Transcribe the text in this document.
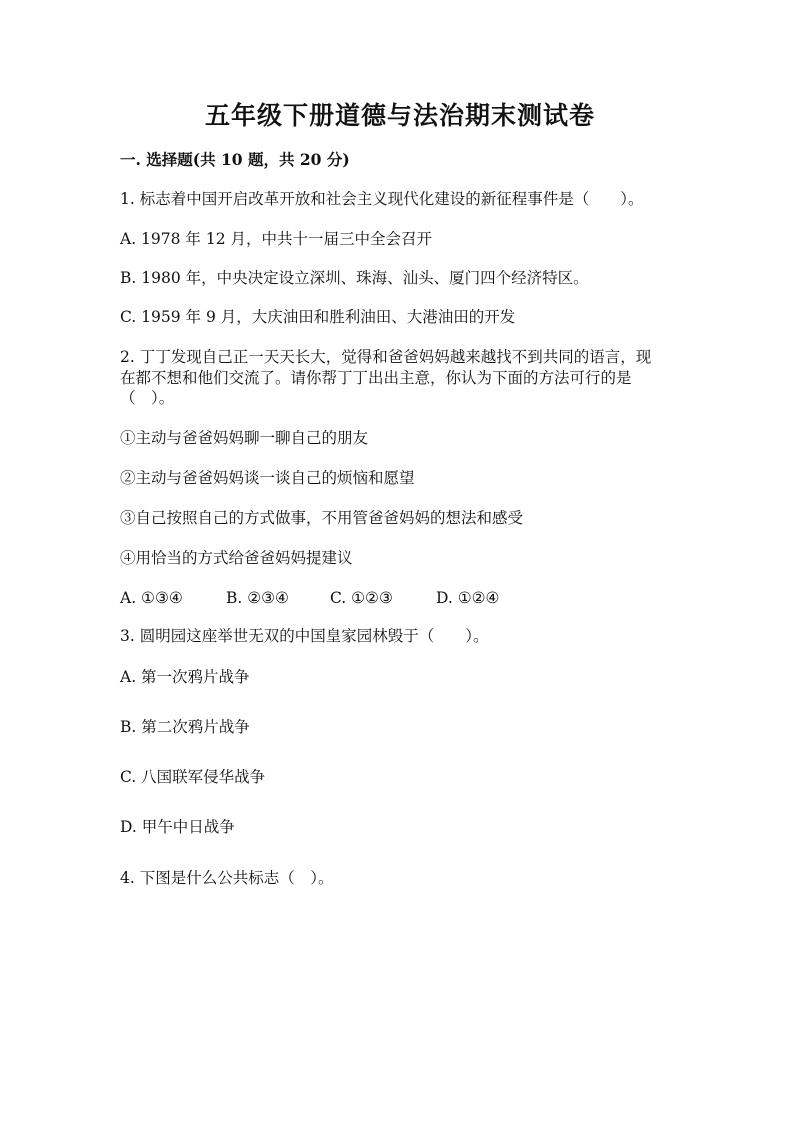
五年级下册道德与法治期末测试卷
一. 选择题(共 10 题，共 20 分)
1. 标志着中国开启改革开放和社会主义现代化建设的新征程事件是（　　）。
A. 1978 年 12 月，中共十一届三中全会召开
B. 1980 年，中央决定设立深圳、珠海、汕头、厦门四个经济特区。
C. 1959 年 9 月，大庆油田和胜利油田、大港油田的开发
2. 丁丁发现自己正一天天长大，觉得和爸爸妈妈越来越找不到共同的语言，现
在都不想和他们交流了。请你帮丁丁出出主意，你认为下面的方法可行的是
（　）。
①主动与爸爸妈妈聊一聊自己的朋友
②主动与爸爸妈妈谈一谈自己的烦恼和愿望
③自己按照自己的方式做事，不用管爸爸妈妈的想法和感受
④用恰当的方式给爸爸妈妈提建议
A. ①③④	B. ②③④	C. ①②③	D. ①②④
3. 圆明园这座举世无双的中国皇家园林毁于（　　）。
A. 第一次鸦片战争
B. 第二次鸦片战争
C. 八国联军侵华战争
D. 甲午中日战争
4. 下图是什么公共标志（　）。
